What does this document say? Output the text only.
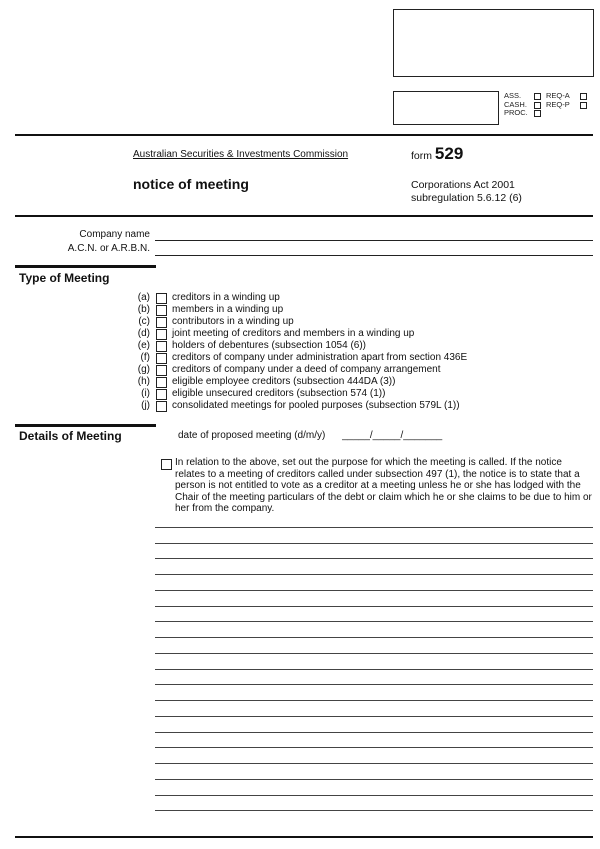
ASS.	REQ-A
CASH.	REQ-P
PROC.
Australian Securities & Investments Commission	form 529
notice of meeting	Corporations Act 2001
subregulation 5.6.12 (6)
Company name
A.C.N. or A.R.B.N.
Type of Meeting
(a) creditors in a winding up
(b) members in a winding up
(c) contributors in a winding up
(d) joint meeting of creditors and members in a winding up
(e) holders of debentures (subsection 1054 (6))
(f) creditors of company under administration apart from section 436E
(g) creditors of company under a deed of company arrangement
(h) eligible employee creditors (subsection 444DA (3))
(i) eligible unsecured creditors (subsection 574 (1))
(j) consolidated meetings for pooled purposes (subsection 579L (1))
Details of Meeting	date of proposed meeting (d/m/y) _____/_____/_______
In relation to the above, set out the purpose for which the meeting is called. If the notice relates to a meeting of creditors called under subsection 497 (1), the notice is to state that a person is not entitled to vote as a creditor at a meeting unless he or she has lodged with the Chair of the meeting particulars of the debt or claim which he or she claims to be due to him or her from the company.
